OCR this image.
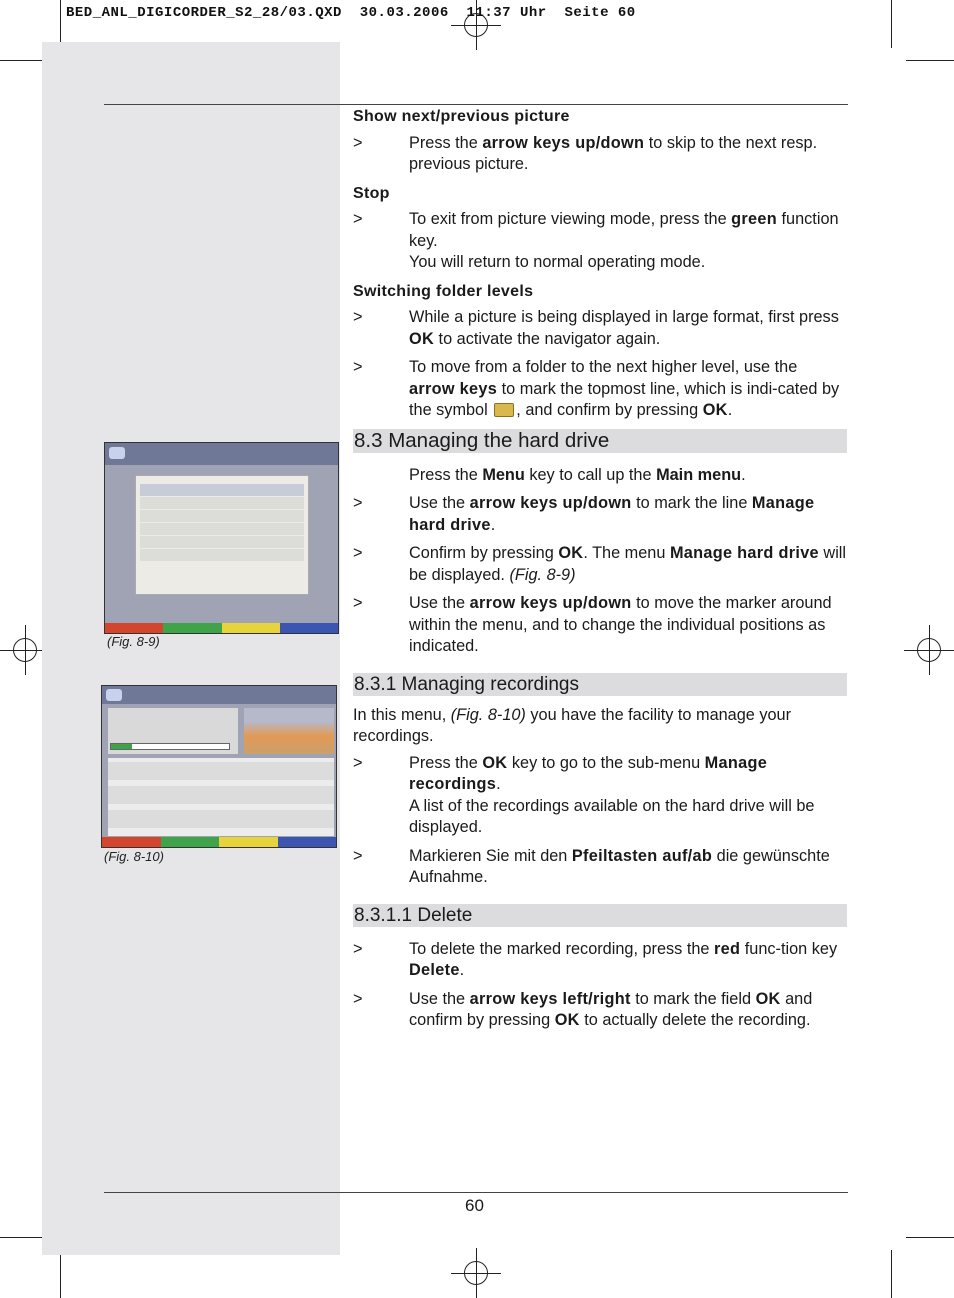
BED_ANL_DIGICORDER_S2_28/03.QXD  30.03.2006  11:37 Uhr  Seite 60
(Fig. 8-9)
(Fig. 8-10)
Show next/previous picture
>	Press the arrow keys up/down to skip to the next resp. previous picture.
Stop
>	To exit from picture viewing mode, press the green function key.
You will return to normal operating mode.
Switching folder levels
>	While a picture is being displayed in large format, first press OK to activate the navigator again.
>	To move from a folder to the next higher level, use the arrow keys to mark the topmost line, which is indi-cated by the symbol , and confirm by pressing OK.
8.3 Managing the hard drive
Press the Menu key to call up the Main menu.
>	Use the arrow keys up/down to mark the line Manage hard drive.
>	Confirm by pressing OK. The menu Manage hard drive will be displayed. (Fig. 8-9)
>	Use the arrow keys up/down to move the marker around within the menu, and to change the individual positions as indicated.
8.3.1 Managing recordings
In this menu, (Fig. 8-10) you have the facility to manage your recordings.
>	Press the OK key to go to the sub-menu Manage recordings.
A list of the recordings available on the hard drive will be displayed.
>	Markieren Sie mit den Pfeiltasten auf/ab die gewünschte Aufnahme.
8.3.1.1 Delete
>	To delete the marked recording, press the red func-tion key Delete.
>	Use the arrow keys left/right to mark the field OK and confirm by pressing OK to actually delete the recording.
60
